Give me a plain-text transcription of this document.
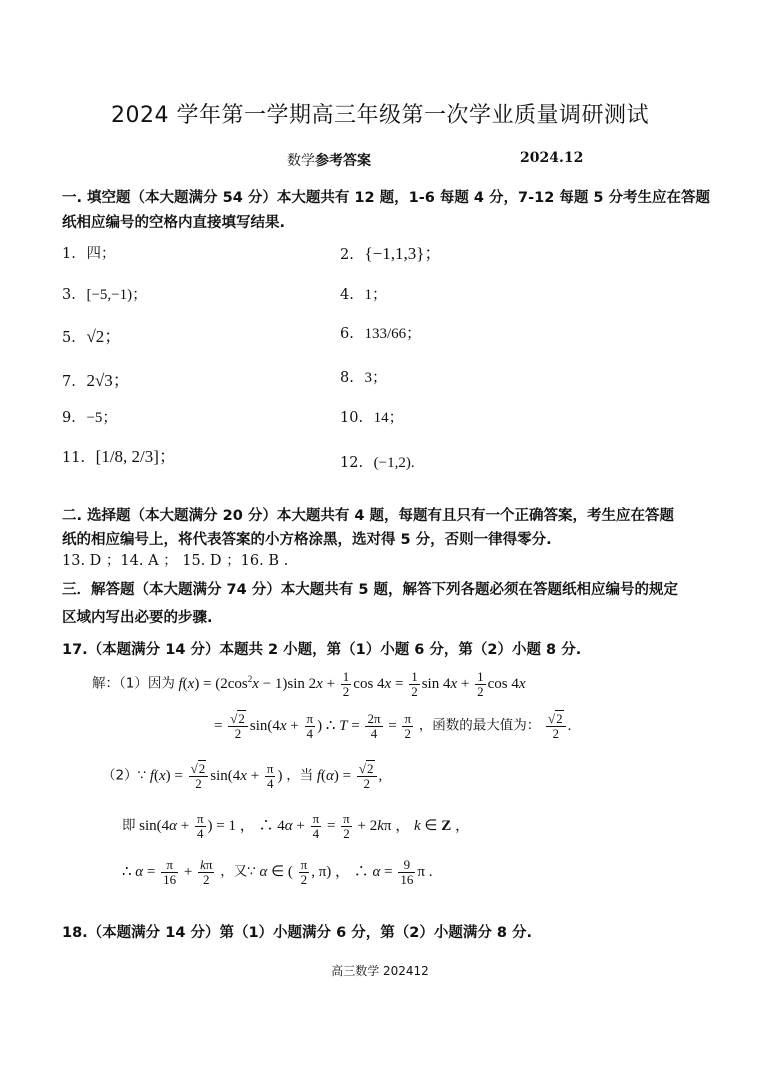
2024 学年第一学期高三年级第一次学业质量调研测试
数学参考答案	2024.12
一. 填空题（本大题满分 54 分）本大题共有 12 题，1-6 每题 4 分，7-12 每题 5 分考生应在答题
纸相应编号的空格内直接填写结果.
1. 四；	2. {−1,1,3}；
3. [−5,−1)；	4. 1；
5. √2；	6. 133/66；
7. 2√3；	8. 3；
9. −5；	10. 14；
11. [1/8, 2/3]；	12. (−1,2).
二. 选择题（本大题满分 20 分）本大题共有 4 题，每题有且只有一个正确答案，考生应在答题
纸的相应编号上，将代表答案的小方格涂黑，选对得 5 分，否则一律得零分.
13. D ；14. A ； 15. D ；16. B .
三．解答题（本大题满分 74 分）本大题共有 5 题，解答下列各题必须在答题纸相应编号的规定
区域内写出必要的步骤.
17.（本题满分 14 分）本题共 2 小题，第（1）小题 6 分，第（2）小题 8 分.
解：（1）因为 $f(x) = (2\cos^2x - 1)\sin$ $2x + \frac{1}{2}$ $\cos 4x = \frac{1}{2}$ $\sin 4x + \frac{1}{2}$ cos 4x
= $\frac{√2}{2} \sin(4x + \frac{\pi}{4}$ ) ∴ $T = \frac{2\pi}{4} = \frac{\pi}{2}$ ，函数的最大值为： $\frac{√2}{2}$ .
（2）∵ $f(x) = \frac{√2}{2} \sin(4x + \frac{\pi}{4}$ ) ，当 $f(\alpha) = \frac{√2}{2}$ ,
即 $\sin(4\alpha + \frac{\pi}{4}$ ) = 1 ， ∴ $4\alpha + \frac{\pi}{4} = \frac{\pi}{2} + 2k\pi$ ， k ∈ Z ，
∴ $\alpha = \frac{\pi}{16} + \frac{k\pi}{2}$ ，又∵ α ∈ ( $\frac{\pi}{2}$ , π) ， ∴ $\alpha = \frac{9}{16}$ π .
18.（本题满分 14 分）第（1）小题满分 6 分，第（2）小题满分 8 分.
高三数学 202412
